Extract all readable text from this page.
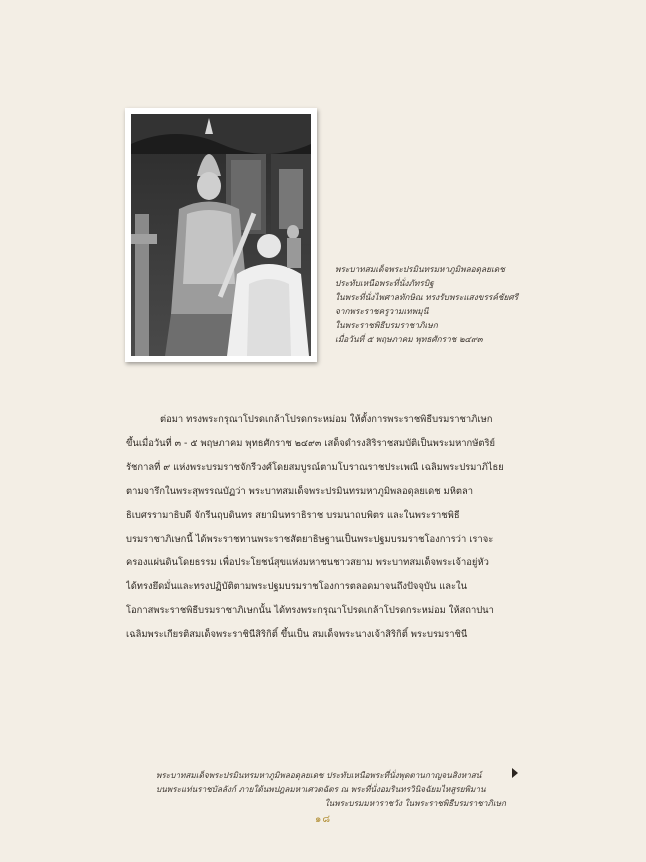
พระบาทสมเด็จพระปรมินทรมหาภูมิพลอดุลยเดช
ประทับเหนือพระที่นั่งภัทรบิฐ
ในพระที่นั่งไพศาลทักษิณ ทรงรับพระแสงขรรค์ชัยศรี
จากพระราชครูวามเทพมุนี
ในพระราชพิธีบรมราชาภิเษก
เมื่อวันที่ ๕ พฤษภาคม พุทธศักราช ๒๔๙๓
ต่อมา ทรงพระกรุณาโปรดเกล้าโปรดกระหม่อม ให้ตั้งการพระราชพิธีบรมราชาภิเษก
ขึ้นเมื่อวันที่ ๓ - ๕ พฤษภาคม พุทธศักราช ๒๔๙๓ เสด็จดำรงสิริราชสมบัติเป็นพระมหากษัตริย์
รัชกาลที่ ๙ แห่งพระบรมราชจักรีวงศ์โดยสมบูรณ์ตามโบราณราชประเพณี เฉลิมพระปรมาภิไธย
ตามจารึกในพระสุพรรณบัฏว่า พระบาทสมเด็จพระปรมินทรมหาภูมิพลอดุลยเดช มหิตลา
ธิเบศรรามาธิบดี จักรีนฤบดินทร สยามินทราธิราช บรมนาถบพิตร และในพระราชพิธี
บรมราชาภิเษกนี้ ได้พระราชทานพระราชสัตยาธิษฐานเป็นพระปฐมบรมราชโองการว่า เราจะ
ครองแผ่นดินโดยธรรม เพื่อประโยชน์สุขแห่งมหาชนชาวสยาม พระบาทสมเด็จพระเจ้าอยู่หัว
ได้ทรงยึดมั่นและทรงปฏิบัติตามพระปฐมบรมราชโองการตลอดมาจนถึงปัจจุบัน และใน
โอกาสพระราชพิธีบรมราชาภิเษกนั้น ได้ทรงพระกรุณาโปรดเกล้าโปรดกระหม่อม ให้สถาปนา
เฉลิมพระเกียรติสมเด็จพระราชินีสิริกิติ์ ขึ้นเป็น สมเด็จพระนางเจ้าสิริกิติ์ พระบรมราชินี
พระบาทสมเด็จพระปรมินทรมหาภูมิพลอดุลยเดช ประทับเหนือพระที่นั่งพุดตานกาญจนสิงหาสน์
บนพระแท่นราชบัลลังก์ ภายใต้นพปฎลมหาเศวตฉัตร ณ พระที่นั่งอมรินทรวินิจฉัยมไหสูรยพิมาน
ในพระบรมมหาราชวัง ในพระราชพิธีบรมราชาภิเษก
๑๘
